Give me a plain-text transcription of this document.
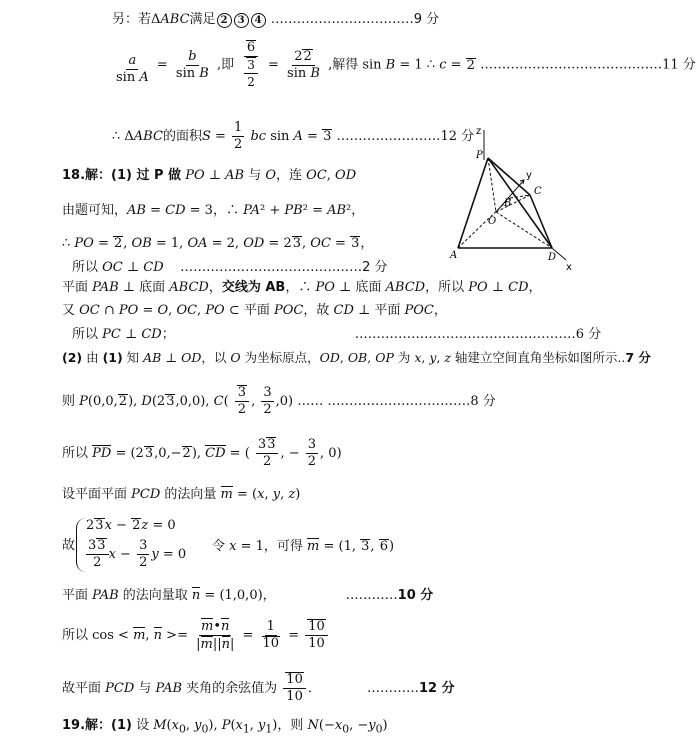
另：若ΔABC满足 2 3 4 ……………………………9 分
$\frac{a}{\text{sin A}} = \frac{b}{\text{sin B}}$ ,即 $\frac{6}{\frac{3}{2}} = \frac{22}{\text{sin B}}$ ,解得 sin B = 1 ∴ c = 2 ……………………………………11 分
∴ ΔABC的面积$S = \frac{1}{2}$ bc sin A = 3 ……………………12 分
18.解：(1) 过 P 做 PO ⊥ AB 与 O，连 OC, OD
由题可知，AB = CD = 3，∴ PA² + PB² = AB²，
∴ PO = 2, OB = 1, OA = 2, OD = 23, OC = 3，
所以 OC ⊥ CD ……………………………………2 分
平面 PAB ⊥ 底面 ABCD，交线为 AB，∴ PO ⊥ 底面 ABCD，所以 PO ⊥ CD，
又 OC ∩ PO = O, OC, PO ⊂ 平面 POC，故 CD ⊥ 平面 POC，
所以 PC ⊥ CD；	……………………………………………6 分
(2) 由 (1) 知 AB ⊥ OD，以 O 为坐标原点，OD, OB, OP 为 x, y, z 轴建立空间直角坐标如图所示..7 分
则 P(0,0,2), D(23,0,0), $C( \frac{3}{2}$ , $\frac{3}{2} ,0$) …… ……………………………8 分
所以 PD = (23,0,−2), CD = ( $\frac{33}{2}$ , − $\frac{3}{2}$ , 0)
设平面平面 PCD 的法向量 m = (x, y, z)
故
23x − 2z = 0
$\frac{33}{2}$ $x - \frac{3}{2}$ y = 0
令 x = 1，可得 m = (1, 3, 6)
平面 PAB 的法向量取 n = (1,0,0)，	…………10 分
所以 cos < m, $n >= \frac{m•n}{|m||n|} = \frac{1}{10} = \frac{10}{10}$
故平面 PCD 与 PAB 夹角的余弦值为 $\frac{10}{10}$ ．	…………12 分
19.解：(1) 设 $M(x_0$, $y_0$), $P(x_1$, $y_1$)，则 $N(-x_0$, $-y_0$)
z
P
y
C
B
O
A	D
x
